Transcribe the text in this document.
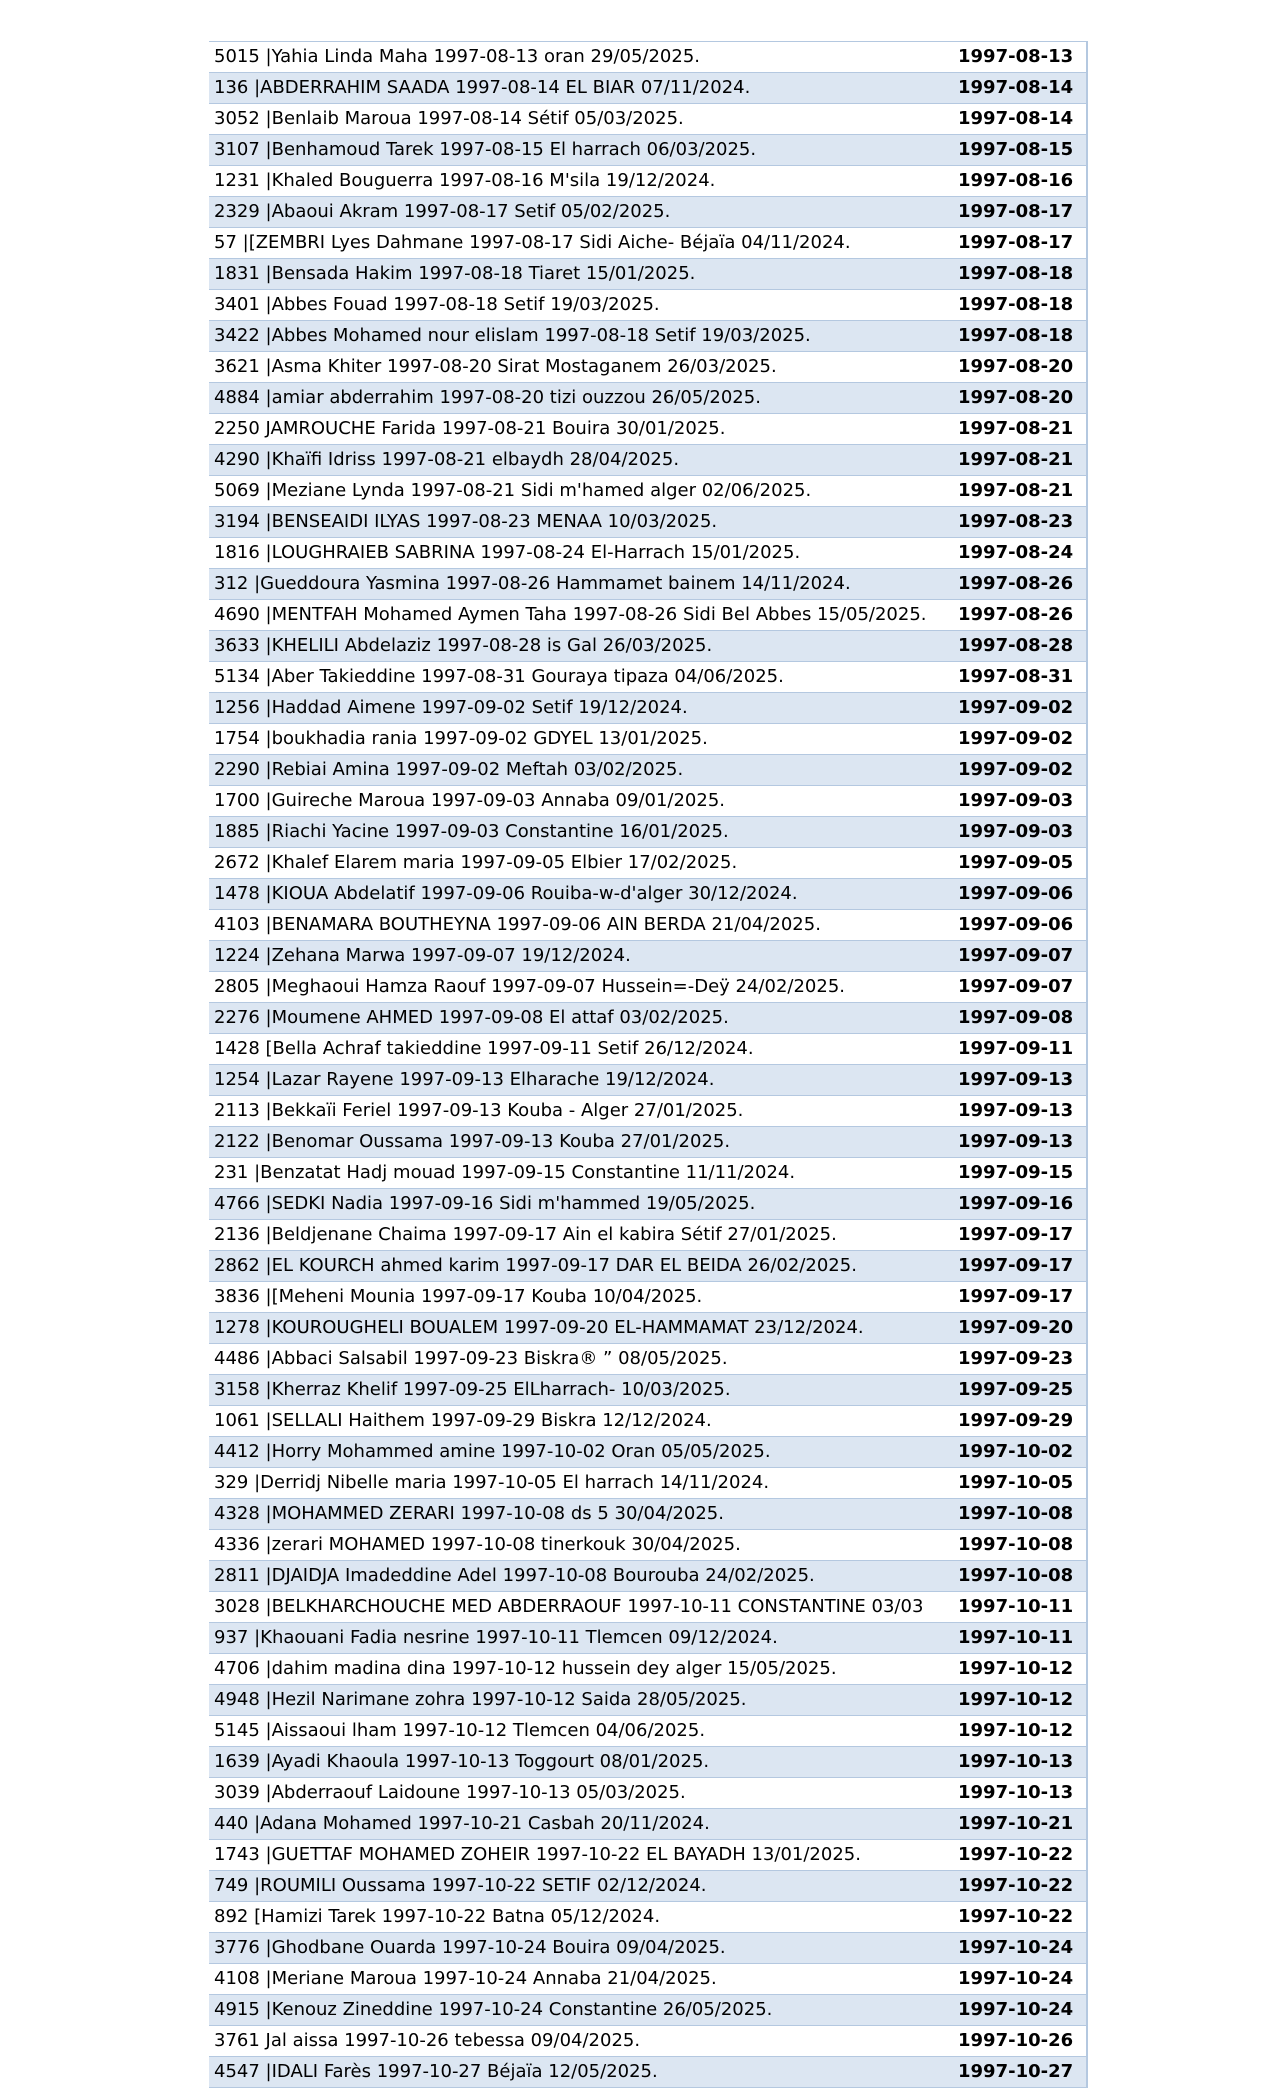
5015 |Yahia Linda Maha 1997-08-13 oran 29/05/2025.	1997-08-13
136 |ABDERRAHIM SAADA 1997-08-14 EL BIAR 07/11/2024.	1997-08-14
3052 |Benlaib Maroua 1997-08-14 Sétif 05/03/2025.	1997-08-14
3107 |Benhamoud Tarek 1997-08-15 El harrach 06/03/2025.	1997-08-15
1231 |Khaled Bouguerra 1997-08-16 M'sila 19/12/2024.	1997-08-16
2329 |Abaoui Akram 1997-08-17 Setif 05/02/2025.	1997-08-17
57 |[ZEMBRI Lyes Dahmane 1997-08-17 Sidi Aiche- Béjaïa 04/11/2024.	1997-08-17
1831 |Bensada Hakim 1997-08-18 Tiaret 15/01/2025.	1997-08-18
3401 |Abbes Fouad 1997-08-18 Setif 19/03/2025.	1997-08-18
3422 |Abbes Mohamed nour elislam 1997-08-18 Setif 19/03/2025.	1997-08-18
3621 |Asma Khiter 1997-08-20 Sirat Mostaganem 26/03/2025.	1997-08-20
4884 |amiar abderrahim 1997-08-20 tizi ouzzou 26/05/2025.	1997-08-20
2250 JAMROUCHE Farida 1997-08-21 Bouira 30/01/2025.	1997-08-21
4290 |Khaïfi Idriss 1997-08-21 elbaydh 28/04/2025.	1997-08-21
5069 |Meziane Lynda 1997-08-21 Sidi m'hamed alger 02/06/2025.	1997-08-21
3194 |BENSEAIDI ILYAS 1997-08-23 MENAA 10/03/2025.	1997-08-23
1816 |LOUGHRAIEB SABRINA 1997-08-24 El-Harrach 15/01/2025.	1997-08-24
312 |Gueddoura Yasmina 1997-08-26 Hammamet bainem 14/11/2024.	1997-08-26
4690 |MENTFAH Mohamed Aymen Taha 1997-08-26 Sidi Bel Abbes 15/05/2025.	1997-08-26
3633 |KHELILI Abdelaziz 1997-08-28 is Gal 26/03/2025.	1997-08-28
5134 |Aber Takieddine 1997-08-31 Gouraya tipaza 04/06/2025.	1997-08-31
1256 |Haddad Aimene 1997-09-02 Setif 19/12/2024.	1997-09-02
1754 |boukhadia rania 1997-09-02 GDYEL 13/01/2025.	1997-09-02
2290 |Rebiai Amina 1997-09-02 Meftah 03/02/2025.	1997-09-02
1700 |Guireche Maroua 1997-09-03 Annaba 09/01/2025.	1997-09-03
1885 |Riachi Yacine 1997-09-03 Constantine 16/01/2025.	1997-09-03
2672 |Khalef Elarem maria 1997-09-05 Elbier 17/02/2025.	1997-09-05
1478 |KIOUA Abdelatif 1997-09-06 Rouiba-w-d'alger 30/12/2024.	1997-09-06
4103 |BENAMARA BOUTHEYNA 1997-09-06 AIN BERDA 21/04/2025.	1997-09-06
1224 |Zehana Marwa 1997-09-07 19/12/2024.	1997-09-07
2805 |Meghaoui Hamza Raouf 1997-09-07 Hussein=-Deÿ 24/02/2025.	1997-09-07
2276 |Moumene AHMED 1997-09-08 El attaf 03/02/2025.	1997-09-08
1428 [Bella Achraf takieddine 1997-09-11 Setif 26/12/2024.	1997-09-11
1254 |Lazar Rayene 1997-09-13 Elharache 19/12/2024.	1997-09-13
2113 |Bekkaïi Feriel 1997-09-13 Kouba - Alger 27/01/2025.	1997-09-13
2122 |Benomar Oussama 1997-09-13 Kouba 27/01/2025.	1997-09-13
231 |Benzatat Hadj mouad 1997-09-15 Constantine 11/11/2024.	1997-09-15
4766 |SEDKI Nadia 1997-09-16 Sidi m'hammed 19/05/2025.	1997-09-16
2136 |Beldjenane Chaima 1997-09-17 Ain el kabira Sétif 27/01/2025.	1997-09-17
2862 |EL KOURCH ahmed karim 1997-09-17 DAR EL BEIDA 26/02/2025.	1997-09-17
3836 |[Meheni Mounia 1997-09-17 Kouba 10/04/2025.	1997-09-17
1278 |KOUROUGHELI BOUALEM 1997-09-20 EL-HAMMAMAT 23/12/2024.	1997-09-20
4486 |Abbaci Salsabil 1997-09-23 Biskra® ” 08/05/2025.	1997-09-23
3158 |Kherraz Khelif 1997-09-25 ElLharrach- 10/03/2025.	1997-09-25
1061 |SELLALI Haithem 1997-09-29 Biskra 12/12/2024.	1997-09-29
4412 |Horry Mohammed amine 1997-10-02 Oran 05/05/2025.	1997-10-02
329 |Derridj Nibelle maria 1997-10-05 El harrach 14/11/2024.	1997-10-05
4328 |MOHAMMED ZERARI 1997-10-08 ds 5 30/04/2025.	1997-10-08
4336 |zerari MOHAMED 1997-10-08 tinerkouk 30/04/2025.	1997-10-08
2811 |DJAIDJA Imadeddine Adel 1997-10-08 Bourouba 24/02/2025.	1997-10-08
3028 |BELKHARCHOUCHE MED ABDERRAOUF 1997-10-11 CONSTANTINE 03/03	1997-10-11
937 |Khaouani Fadia nesrine 1997-10-11 Tlemcen 09/12/2024.	1997-10-11
4706 |dahim madina dina 1997-10-12 hussein dey alger 15/05/2025.	1997-10-12
4948 |Hezil Narimane zohra 1997-10-12 Saida 28/05/2025.	1997-10-12
5145 |Aissaoui lham 1997-10-12 Tlemcen 04/06/2025.	1997-10-12
1639 |Ayadi Khaoula 1997-10-13 Toggourt 08/01/2025.	1997-10-13
3039 |Abderraouf Laidoune 1997-10-13 05/03/2025.	1997-10-13
440 |Adana Mohamed 1997-10-21 Casbah 20/11/2024.	1997-10-21
1743 |GUETTAF MOHAMED ZOHEIR 1997-10-22 EL BAYADH 13/01/2025.	1997-10-22
749 |ROUMILI Oussama 1997-10-22 SETIF 02/12/2024.	1997-10-22
892 [Hamizi Tarek 1997-10-22 Batna 05/12/2024.	1997-10-22
3776 |Ghodbane Ouarda 1997-10-24 Bouira 09/04/2025.	1997-10-24
4108 |Meriane Maroua 1997-10-24 Annaba 21/04/2025.	1997-10-24
4915 |Kenouz Zineddine 1997-10-24 Constantine 26/05/2025.	1997-10-24
3761 Jal aissa 1997-10-26 tebessa 09/04/2025.	1997-10-26
4547 |IDALI Farès 1997-10-27 Béjaïa 12/05/2025.	1997-10-27
